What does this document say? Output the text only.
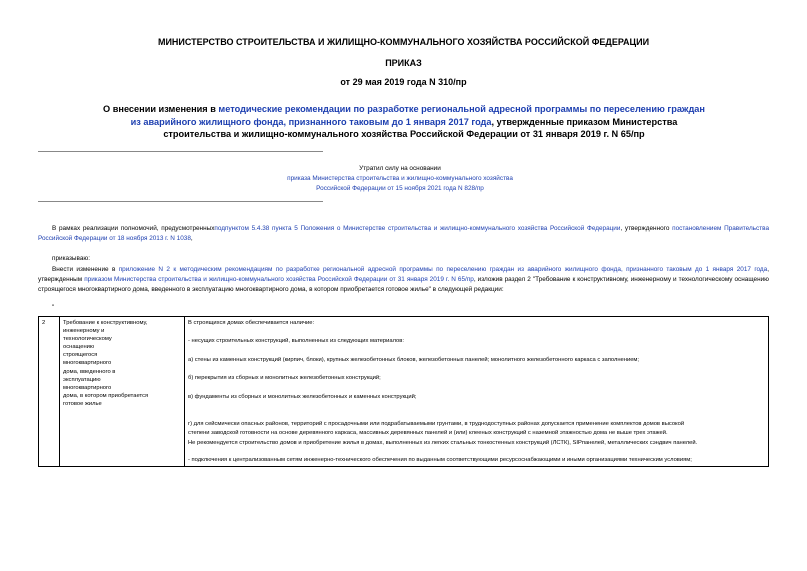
МИНИСТЕРСТВО СТРОИТЕЛЬСТВА И ЖИЛИЩНО-КОММУНАЛЬНОГО ХОЗЯЙСТВА РОССИЙСКОЙ ФЕДЕРАЦИИ
ПРИКАЗ
от 29 мая 2019 года N 310/пр
О внесении изменения в методические рекомендации по разработке региональной адресной программы по переселению граждан из аварийного жилищного фонда, признанного таковым до 1 января 2017 года, утвержденные приказом Министерства строительства и жилищно-коммунального хозяйства Российской Федерации от 31 января 2019 г. N 65/пр
Утратил силу на основании
приказа Министерства строительства и жилищно-коммунального хозяйства
Российской Федерации от 15 ноября 2021 года N 828/пр
В рамках реализации полномочий, предусмотренныхподпунктом 5.4.38 пункта 5 Положения о Министерстве строительства и жилищно-коммунального хозяйства Российской Федерации, утвержденного постановлением Правительства Российской Федерации от 18 ноября 2013 г. N 1038,
приказываю:
Внести изменение в приложение N 2 к методическим рекомендациям по разработке региональной адресной программы по переселению граждан из аварийного жилищного фонда, признанного таковым до 1 января 2017 года, утвержденным приказом Министерства строительства и жилищно-коммунального хозяйства Российской Федерации от 31 января 2019 г. N 65/пр, изложив раздел 2 "Требование к конструктивному, инженерному и технологическому оснащению строящегося многоквартирного дома, введенного в эксплуатацию многоквартирного дома, в котором приобретается готовое жилье" в следующей редакции:
"
2	Требование к конструктивному,
инженерному и
технологическому
оснащению
строящегося
многоквартирного
дома, введенного в
эксплуатацию
многоквартирного
дома, в котором приобретается
готовое жилье

В строящихся домах обеспечивается наличие:
- несущих строительных конструкций, выполненных из следующих материалов:
а) стены из каменных конструкций (кирпич, блоки), крупных железобетонных блоков, железобетонных панелей; монолитного железобетонного каркаса с заполнением;
б) перекрытия из сборных и монолитных железобетонных конструкций;
в) фундаменты из сборных и монолитных железобетонных и каменных конструкций;
г) для сейсмически опасных районов, территорий с просадочными или подрабатываемыми грунтами, в труднодоступных районах допускается применение комплектов домов высокой
степени заводской готовности на основе деревянного каркаса, массивных деревянных панелей и (или) клееных конструкций с наземной этажностью дома не выше трех этажей.
Не рекомендуется строительство домов и приобретение жилья в домах, выполненных из легких стальных тонкостенных конструкций (ЛСТК), SIPпанелей, металлических сэндвич панелей.
- подключения к централизованным сетям инженерно-технического обеспечения по выданным соответствующими ресурсоснабжающими и иными организациями техническим условиям;
